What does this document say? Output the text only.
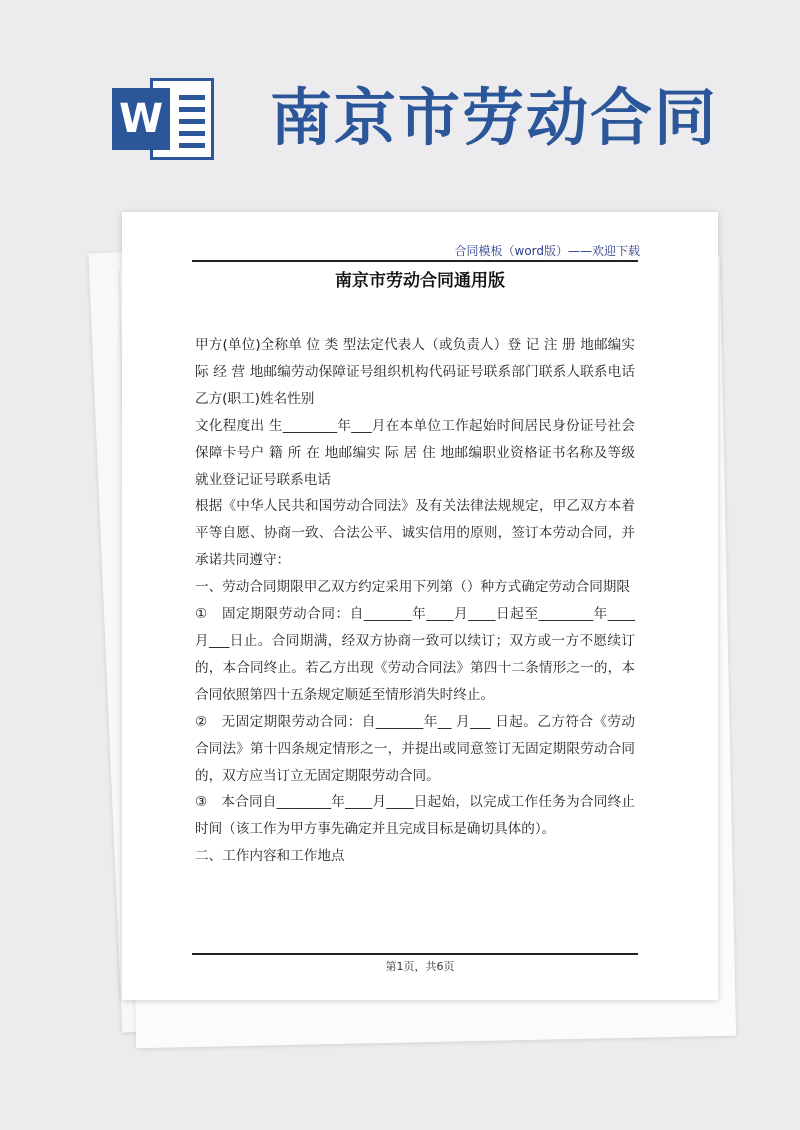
W 南京市劳动合同
合同模板（word版）——欢迎下载
南京市劳动合同通用版

甲方(单位)全称单 位 类 型法定代表人（或负责人）登 记 注 册 地邮编实 际 经 营 地邮编劳动保障证号组织机构代码证号联系部门联系人联系电话乙方(职工)姓名性别

文化程度出 生________年___月在本单位工作起始时间居民身份证号社会保障卡号户 籍 所 在 地邮编实 际 居 住 地邮编职业资格证书名称及等级就业登记证号联系电话

根据《中华人民共和国劳动合同法》及有关法律法规规定，甲乙双方本着平等自愿、协商一致、合法公平、诚实信用的原则，签订本劳动合同，并承诺共同遵守：

一、劳动合同期限甲乙双方约定采用下列第（）种方式确定劳动合同期限

①　固定期限劳动合同：自_______年____月____日起至________年____月___日止。合同期满，经双方协商一致可以续订；双方或一方不愿续订的，本合同终止。若乙方出现《劳动合同法》第四十二条情形之一的，本合同依照第四十五条规定顺延至情形消失时终止。

②　无固定期限劳动合同：自_______年__ 月___ 日起。乙方符合《劳动合同法》第十四条规定情形之一，并提出或同意签订无固定期限劳动合同的，双方应当订立无固定期限劳动合同。

③　本合同自________年____月____日起始，以完成工作任务为合同终止时间（该工作为甲方事先确定并且完成目标是确切具体的）。

二、工作内容和工作地点

第1页，共6页
